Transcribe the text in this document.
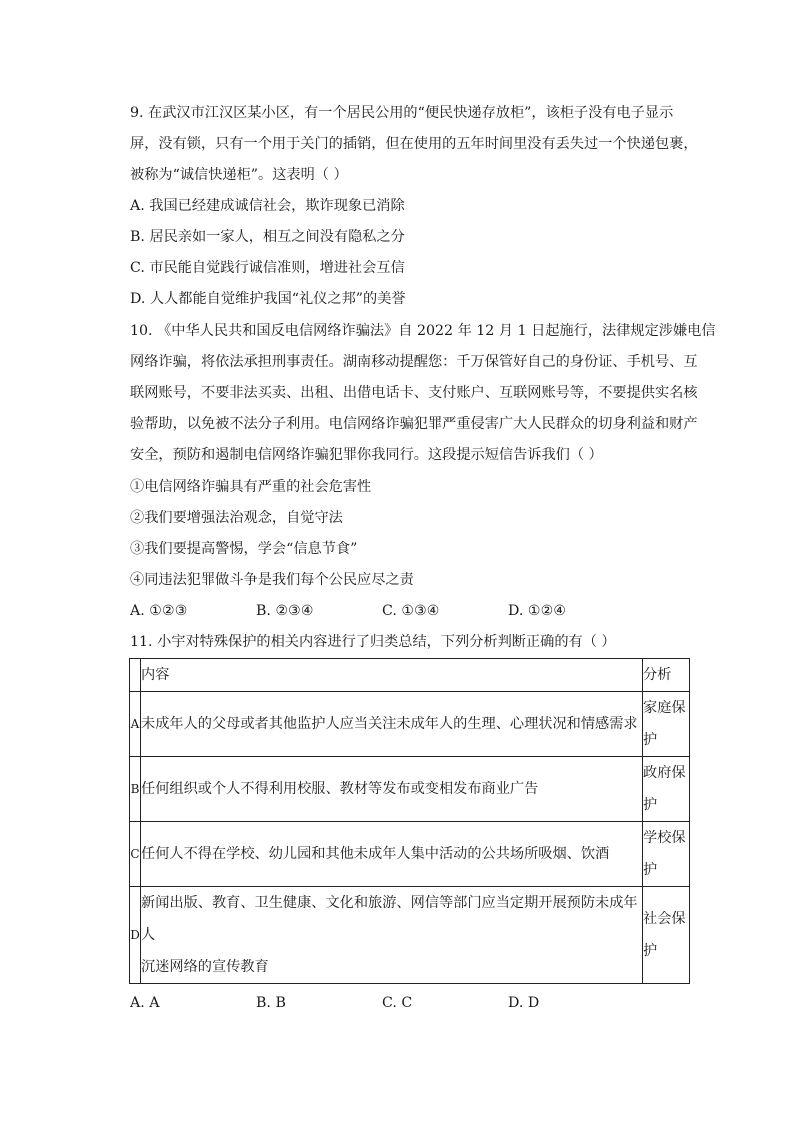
9. 在武汉市江汉区某小区，有一个居民公用的“便民快递存放柜”，该柜子没有电子显示
屏，没有锁，只有一个用于关门的插销，但在使用的五年时间里没有丢失过一个快递包裹，
被称为“诚信快递柜”。这表明（ ）
A. 我国已经建成诚信社会，欺诈现象已消除
B. 居民亲如一家人，相互之间没有隐私之分
C. 市民能自觉践行诚信准则，增进社会互信
D. 人人都能自觉维护我国“礼仪之邦”的美誉
10. 《中华人民共和国反电信网络诈骗法》自 2022 年 12 月 1 日起施行，法律规定涉嫌电信
网络诈骗，将依法承担刑事责任。湖南移动提醒您：千万保管好自己的身份证、手机号、互
联网账号，不要非法买卖、出租、出借电话卡、支付账户、互联网账号等，不要提供实名核
验帮助，以免被不法分子利用。电信网络诈骗犯罪严重侵害广大人民群众的切身利益和财产
安全，预防和遏制电信网络诈骗犯罪你我同行。这段提示短信告诉我们（ ）
①电信网络诈骗具有严重的社会危害性
②我们要增强法治观念，自觉守法
③我们要提高警惕，学会“信息节食”
④同违法犯罪做斗争是我们每个公民应尽之责
A. ①②③	B. ②③④	C. ①③④	D. ①②④
11. 小宇对特殊保护的相关内容进行了归类总结，下列分析判断正确的有（ ）
	内容	分析
A	未成年人的父母或者其他监护人应当关注未成年人的生理、心理状况和情感需求	家庭保
护
B	任何组织或个人不得利用校服、教材等发布或变相发布商业广告	政府保
护
C	任何人不得在学校、幼儿园和其他未成年人集中活动的公共场所吸烟、饮酒	学校保
护
D	新闻出版、教育、卫生健康、文化和旅游、网信等部门应当定期开展预防未成年人
沉迷网络的宣传教育	社会保
护
A. A	B. B	C. C	D. D
